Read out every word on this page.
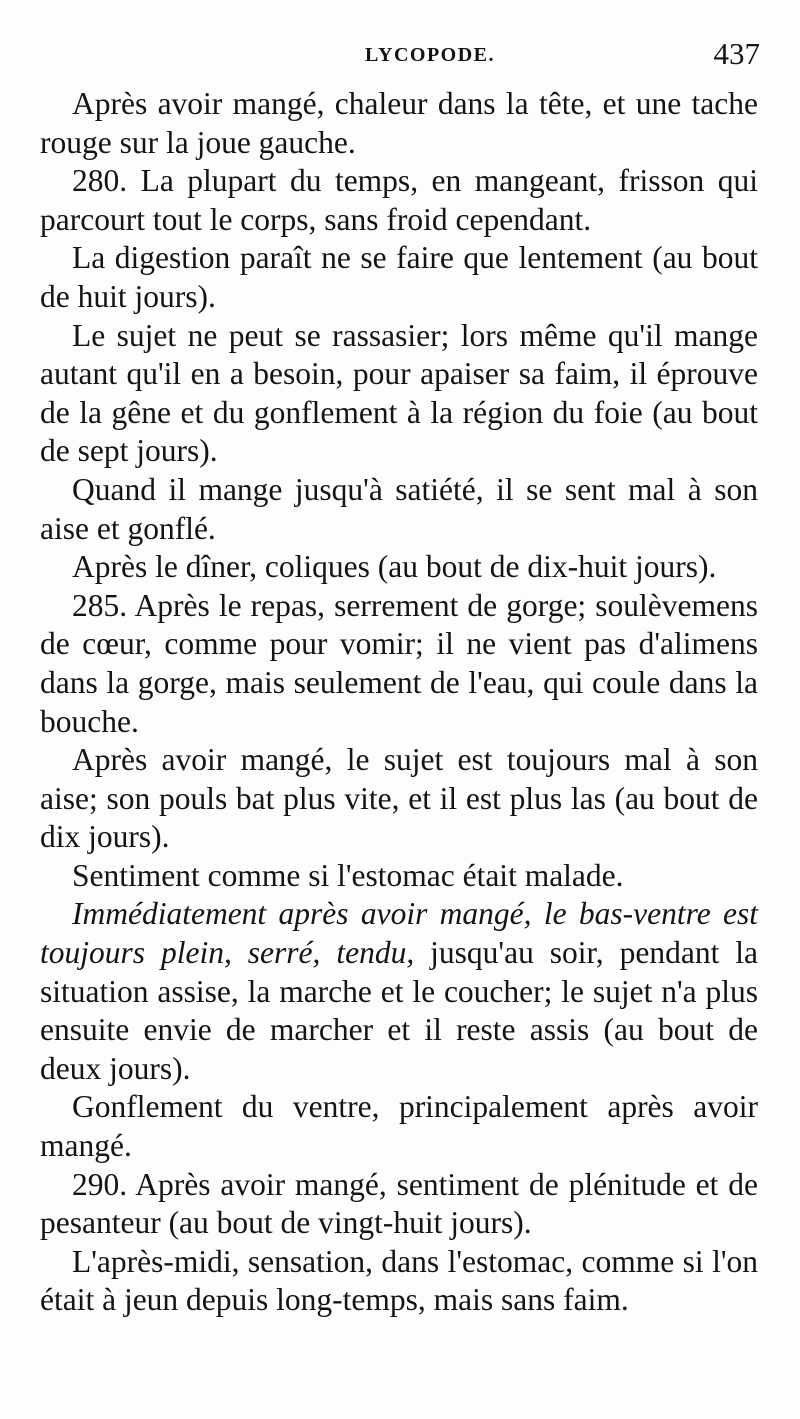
LYCOPODE.	437

Après avoir mangé, chaleur dans la tête, et une tache rouge sur la joue gauche.

280. La plupart du temps, en mangeant, frisson qui parcourt tout le corps, sans froid cependant.

La digestion paraît ne se faire que lentement (au bout de huit jours).

Le sujet ne peut se rassasier; lors même qu'il mange autant qu'il en a besoin, pour apaiser sa faim, il éprouve de la gêne et du gonflement à la région du foie (au bout de sept jours).

Quand il mange jusqu'à satiété, il se sent mal à son aise et gonflé.

Après le dîner, coliques (au bout de dix-huit jours).

285. Après le repas, serrement de gorge; soulèvemens de cœur, comme pour vomir; il ne vient pas d'alimens dans la gorge, mais seulement de l'eau, qui coule dans la bouche.

Après avoir mangé, le sujet est toujours mal à son aise; son pouls bat plus vite, et il est plus las (au bout de dix jours).

Sentiment comme si l'estomac était malade.

Immédiatement après avoir mangé, le bas-ventre est toujours plein, serré, tendu, jusqu'au soir, pendant la situation assise, la marche et le coucher; le sujet n'a plus ensuite envie de marcher et il reste assis (au bout de deux jours).

Gonflement du ventre, principalement après avoir mangé.

290. Après avoir mangé, sentiment de plénitude et de pesanteur (au bout de vingt-huit jours).

L'après-midi, sensation, dans l'estomac, comme si l'on était à jeun depuis long-temps, mais sans faim.
